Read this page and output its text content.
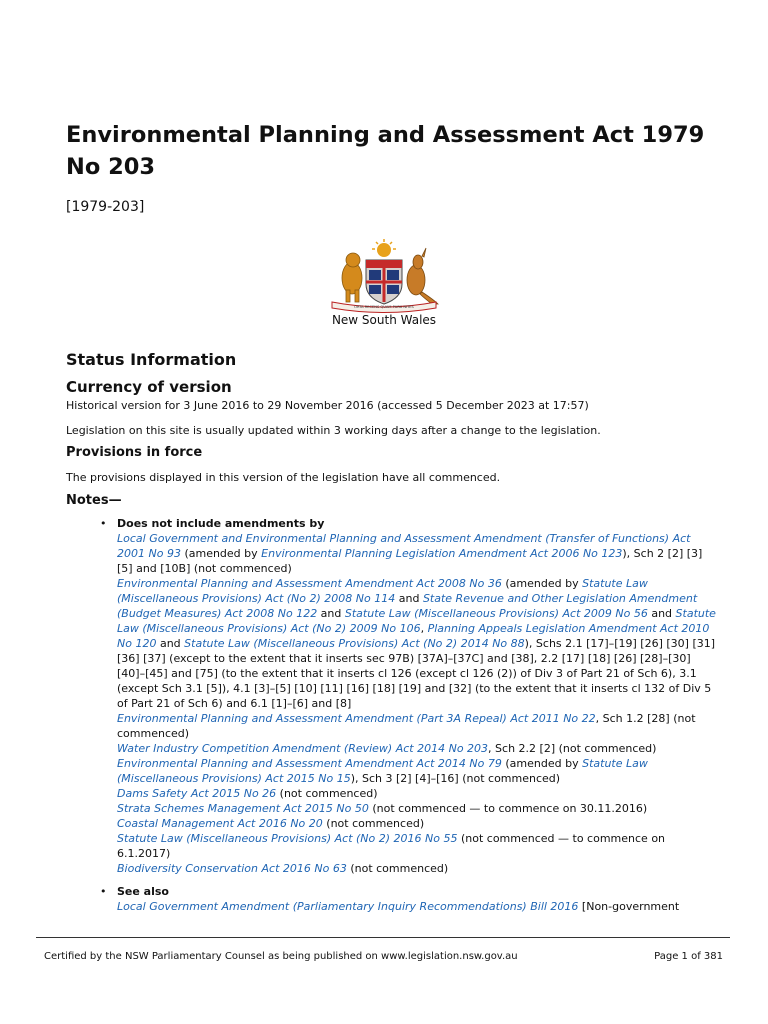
Environmental Planning and Assessment Act 1979 No 203

[1979-203]

ORTA RECENS QUAM PURA NITES
New South Wales
Status Information
Currency of version

Historical version for 3 June 2016 to 29 November 2016 (accessed 5 December 2023 at 17:57)

Legislation on this site is usually updated within 3 working days after a change to the legislation.

Provisions in force

The provisions displayed in this version of the legislation have all commenced.

Notes—
• Does not include amendments by
Local Government and Environmental Planning and Assessment Amendment (Transfer of Functions) Act 2001 No 93 (amended by Environmental Planning Legislation Amendment Act 2006 No 123), Sch 2 [2] [3] [5] and [10B] (not commenced)
Environmental Planning and Assessment Amendment Act 2008 No 36 (amended by Statute Law (Miscellaneous Provisions) Act (No 2) 2008 No 114 and State Revenue and Other Legislation Amendment (Budget Measures) Act 2008 No 122 and Statute Law (Miscellaneous Provisions) Act 2009 No 56 and Statute Law (Miscellaneous Provisions) Act (No 2) 2009 No 106, Planning Appeals Legislation Amendment Act 2010 No 120 and Statute Law (Miscellaneous Provisions) Act (No 2) 2014 No 88), Schs 2.1 [17]–[19] [26] [30] [31] [36] [37] (except to the extent that it inserts sec 97B) [37A]–[37C] and [38], 2.2 [17] [18] [26] [28]–[30] [40]–[45] and [75] (to the extent that it inserts cl 126 (except cl 126 (2)) of Div 3 of Part 21 of Sch 6), 3.1 (except Sch 3.1 [5]), 4.1 [3]–[5] [10] [11] [16] [18] [19] and [32] (to the extent that it inserts cl 132 of Div 5 of Part 21 of Sch 6) and 6.1 [1]–[6] and [8]
Environmental Planning and Assessment Amendment (Part 3A Repeal) Act 2011 No 22, Sch 1.2 [28] (not commenced)
Water Industry Competition Amendment (Review) Act 2014 No 203, Sch 2.2 [2] (not commenced)
Environmental Planning and Assessment Amendment Act 2014 No 79 (amended by Statute Law (Miscellaneous Provisions) Act 2015 No 15), Sch 3 [2] [4]–[16] (not commenced)
Dams Safety Act 2015 No 26 (not commenced)
Strata Schemes Management Act 2015 No 50 (not commenced — to commence on 30.11.2016)
Coastal Management Act 2016 No 20 (not commenced)
Statute Law (Miscellaneous Provisions) Act (No 2) 2016 No 55 (not commenced — to commence on 6.1.2017)
Biodiversity Conservation Act 2016 No 63 (not commenced)
• See also
Local Government Amendment (Parliamentary Inquiry Recommendations) Bill 2016 [Non-government
Certified by the NSW Parliamentary Counsel as being published on www.legislation.nsw.gov.au	Page 1 of 381
